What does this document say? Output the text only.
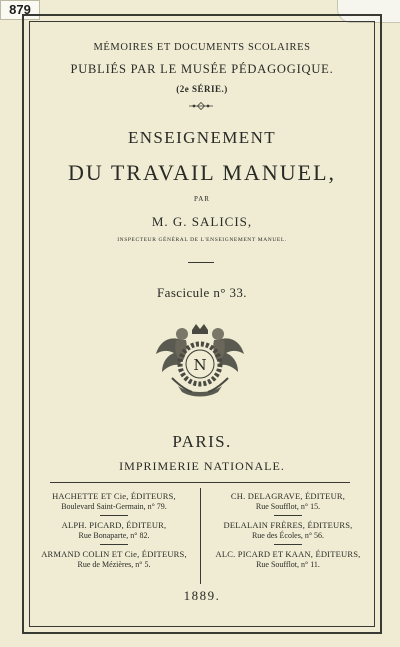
879
MÉMOIRES ET DOCUMENTS SCOLAIRES
PUBLIÉS PAR LE MUSÉE PÉDAGOGIQUE.
(2e SÉRIE.)
ENSEIGNEMENT
DU TRAVAIL MANUEL,
PAR
M. G. SALICIS,
INSPECTEUR GÉNÉRAL DE L'ENSEIGNEMENT MANUEL.
Fascicule n° 33.
N
PARIS.
IMPRIMERIE NATIONALE.
HACHETTE ET Cie, ÉDITEURS,
Boulevard Saint-Germain, n° 79.
ALPH. PICARD, ÉDITEUR,
Rue Bonaparte, n° 82.
ARMAND COLIN ET Cie, ÉDITEURS,
Rue de Mézières, n° 5.
CH. DELAGRAVE, ÉDITEUR,
Rue Soufflot, n° 15.
DELALAIN FRÈRES, ÉDITEURS,
Rue des Écoles, n° 56.
ALC. PICARD ET KAAN, ÉDITEURS,
Rue Soufflot, n° 11.
1889.
